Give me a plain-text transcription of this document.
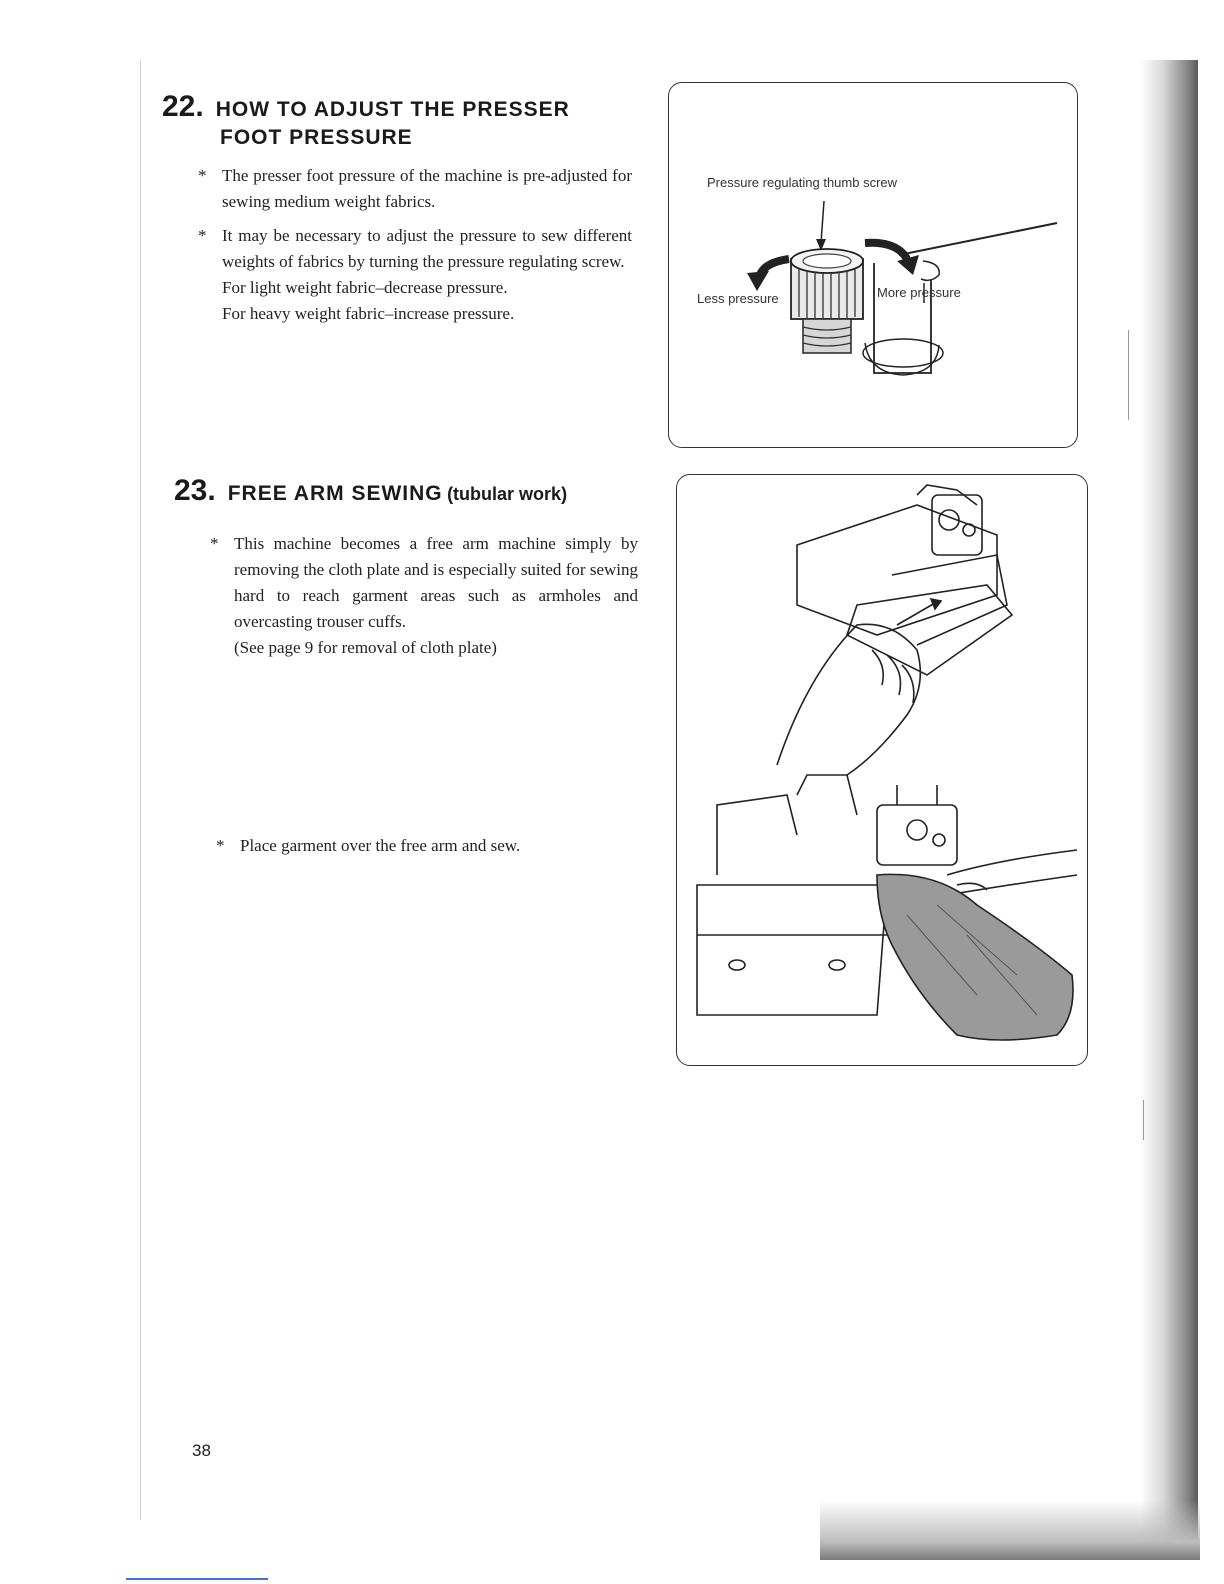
22. HOW TO ADJUST THE PRESSER
FOOT PRESSURE
* The presser foot pressure of the machine is pre-adjusted for sewing medium weight fabrics.

* It may be necessary to adjust the pressure to sew different weights of fabrics by turning the pressure regulating screw.

For light weight fabric–decrease pressure.

For heavy weight fabric–increase pressure.

Pressure regulating thumb screw
Less pressure	More pressure
23. FREE ARM SEWING (tubular work)
* This machine becomes a free arm machine simply by removing the cloth plate and is especially suited for sewing hard to reach garment areas such as armholes and overcasting trouser cuffs.

(See page 9 for removal of cloth plate)

* Place garment over the free arm and sew.

38
